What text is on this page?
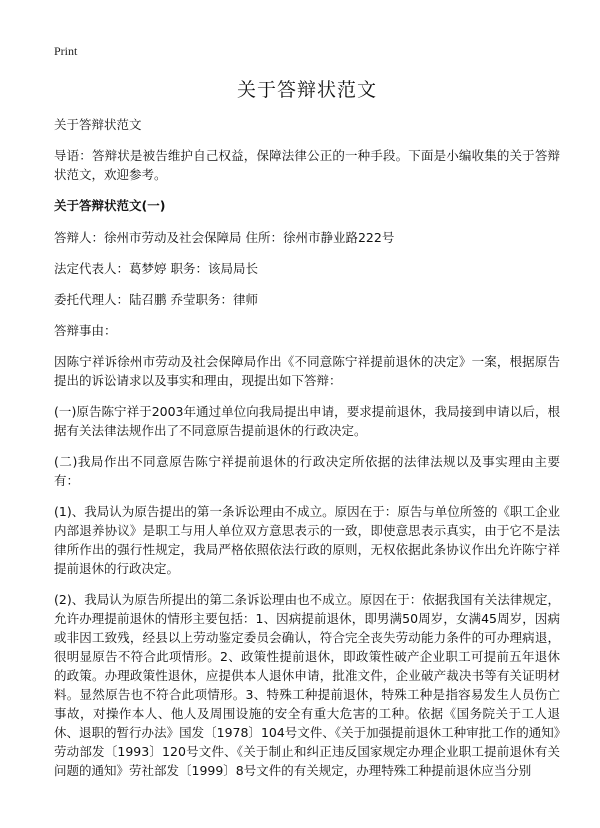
Print
关于答辩状范文

关于答辩状范文

导语：答辩状是被告维护自己权益，保障法律公正的一种手段。下面是小编收集的关于答辩状范文，欢迎参考。

关于答辩状范文(一)

答辩人：徐州市劳动及社会保障局 住所：徐州市静业路222号

法定代表人：葛梦婷 职务：该局局长

委托代理人：陆召鹏 乔莹职务：律师

答辩事由：

因陈宁祥诉徐州市劳动及社会保障局作出《不同意陈宁祥提前退休的决定》一案，根据原告提出的诉讼请求以及事实和理由，现提出如下答辩：

(一)原告陈宁祥于2003年通过单位向我局提出申请，要求提前退休，我局接到申请以后，根据有关法律法规作出了不同意原告提前退休的行政决定。

(二)我局作出不同意原告陈宁祥提前退休的行政决定所依据的法律法规以及事实理由主要有：

(1)、我局认为原告提出的第一条诉讼理由不成立。原因在于：原告与单位所签的《职工企业内部退养协议》是职工与用人单位双方意思表示的一致，即使意思表示真实，由于它不是法律所作出的强行性规定，我局严格依照依法行政的原则，无权依据此条协议作出允许陈宁祥提前退休的行政决定。

(2)、我局认为原告所提出的第二条诉讼理由也不成立。原因在于：依据我国有关法律规定，允许办理提前退休的情形主要包括：1、因病提前退休，即男满50周岁，女满45周岁，因病或非因工致残，经县以上劳动鉴定委员会确认，符合完全丧失劳动能力条件的可办理病退，很明显原告不符合此项情形。2、政策性提前退休，即政策性破产企业职工可提前五年退休的政策。办理政策性退休，应提供本人退休申请，批准文件，企业破产裁决书等有关证明材料。显然原告也不符合此项情形。3、特殊工种提前退休，特殊工种是指容易发生人员伤亡事故，对操作本人、他人及周围设施的安全有重大危害的工种。依据《国务院关于工人退休、退职的暂行办法》国发〔1978〕104号文件、《关于加强提前退休工种审批工作的通知》劳动部发〔1993〕120号文件、《关于制止和纠正违反国家规定办理企业职工提前退休有关问题的通知》劳社部发〔1999〕8号文件的有关规定，办理特殊工种提前退休应当分别
